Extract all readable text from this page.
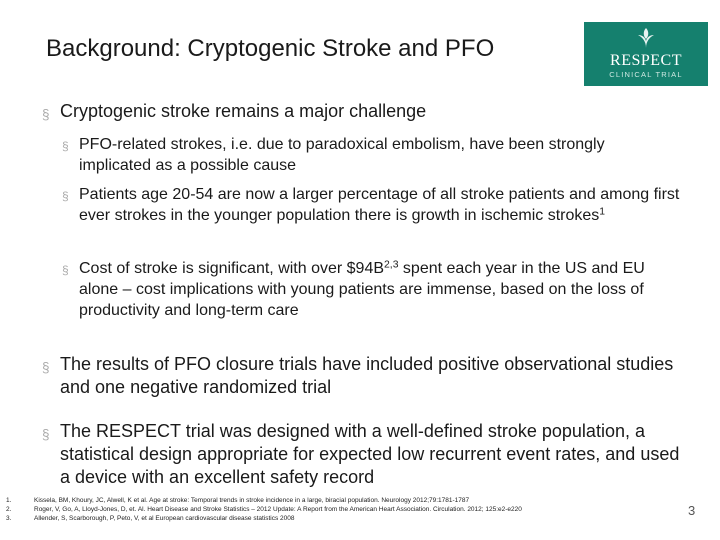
Background: Cryptogenic Stroke and PFO	RESPECT
CLINICAL TRIAL
§ Cryptogenic stroke remains a major challenge
§ PFO-related strokes, i.e. due to paradoxical embolism, have been strongly implicated as a possible cause
§ Patients age 20-54 are now a larger percentage of all stroke patients and among first ever strokes in the younger population there is growth in ischemic strokes$^1$
§ Cost of stroke is significant, with over $\$94B^{2,3}$ spent each year in the US and EU alone – cost implications with young patients are immense, based on the loss of productivity and long-term care
§ The results of PFO closure trials have included positive observational studies and one negative randomized trial
§ The RESPECT trial was designed with a well-defined stroke population, a statistical design appropriate for expected low recurrent event rates, and used a device with an excellent safety record
1.	Kissela, BM, Khoury, JC, Alwell, K et al. Age at stroke: Temporal trends in stroke incidence in a large, biracial population. Neurology 2012;79:1781-1787
2.	Roger, V, Go, A, Lloyd-Jones, D, et. Al. Heart Disease and Stroke Statistics – 2012 Update: A Report from the American Heart Association. Circulation. 2012; 125:e2-e220
3.	Allender, S, Scarborough, P, Peto, V, et al European cardiovascular disease statistics 2008
3
